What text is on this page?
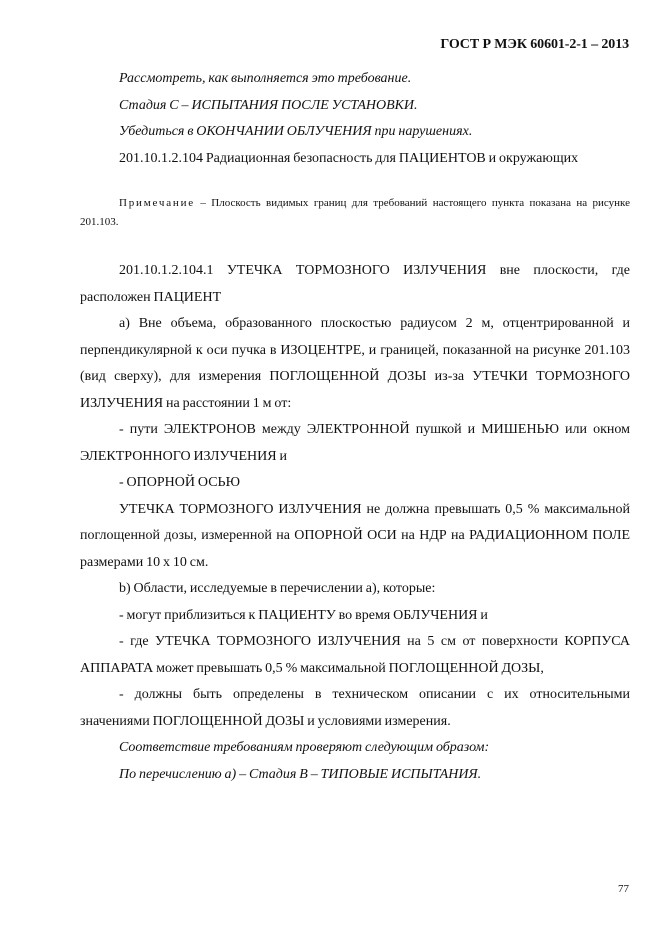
ГОСТ Р МЭК 60601-2-1 – 2013

Рассмотреть, как выполняется это требование.

Стадия С – ИСПЫТАНИЯ ПОСЛЕ УСТАНОВКИ.

Убедиться в ОКОНЧАНИИ ОБЛУЧЕНИЯ при нарушениях.

201.10.1.2.104 Радиационная безопасность для ПАЦИЕНТОВ и окружающих

Примечание – Плоскость видимых границ для требований настоящего пункта показана на рисунке 201.103.

201.10.1.2.104.1 УТЕЧКА ТОРМОЗНОГО ИЗЛУЧЕНИЯ вне плоскости, где расположен ПАЦИЕНТ

а) Вне объема, образованного плоскостью радиусом 2 м, отцентрированной и перпендикулярной к оси пучка в ИЗОЦЕНТРЕ, и границей, показанной на рисунке 201.103 (вид сверху), для измерения ПОГЛОЩЕННОЙ ДОЗЫ из-за УТЕЧКИ ТОРМОЗНОГО ИЗЛУЧЕНИЯ на расстоянии 1 м от:

- пути ЭЛЕКТРОНОВ между ЭЛЕКТРОННОЙ пушкой и МИШЕНЬЮ или окном ЭЛЕКТРОННОГО ИЗЛУЧЕНИЯ и

- ОПОРНОЙ ОСЬЮ

УТЕЧКА ТОРМОЗНОГО ИЗЛУЧЕНИЯ не должна превышать 0,5 % максимальной поглощенной дозы, измеренной на ОПОРНОЙ ОСИ на НДР на РАДИАЦИОННОМ ПОЛЕ размерами 10 х 10 см.

b) Области, исследуемые в перечислении а), которые:

- могут приблизиться к ПАЦИЕНТУ во время ОБЛУЧЕНИЯ и

- где УТЕЧКА ТОРМОЗНОГО ИЗЛУЧЕНИЯ на 5 см от поверхности КОРПУСА АППАРАТА может превышать 0,5 % максимальной ПОГЛОЩЕННОЙ ДОЗЫ,

- должны быть определены в техническом описании с их относительными значениями ПОГЛОЩЕННОЙ ДОЗЫ и условиями измерения.

Соответствие требованиям проверяют следующим образом:

По перечислению а) – Стадия В – ТИПОВЫЕ ИСПЫТАНИЯ.

77
